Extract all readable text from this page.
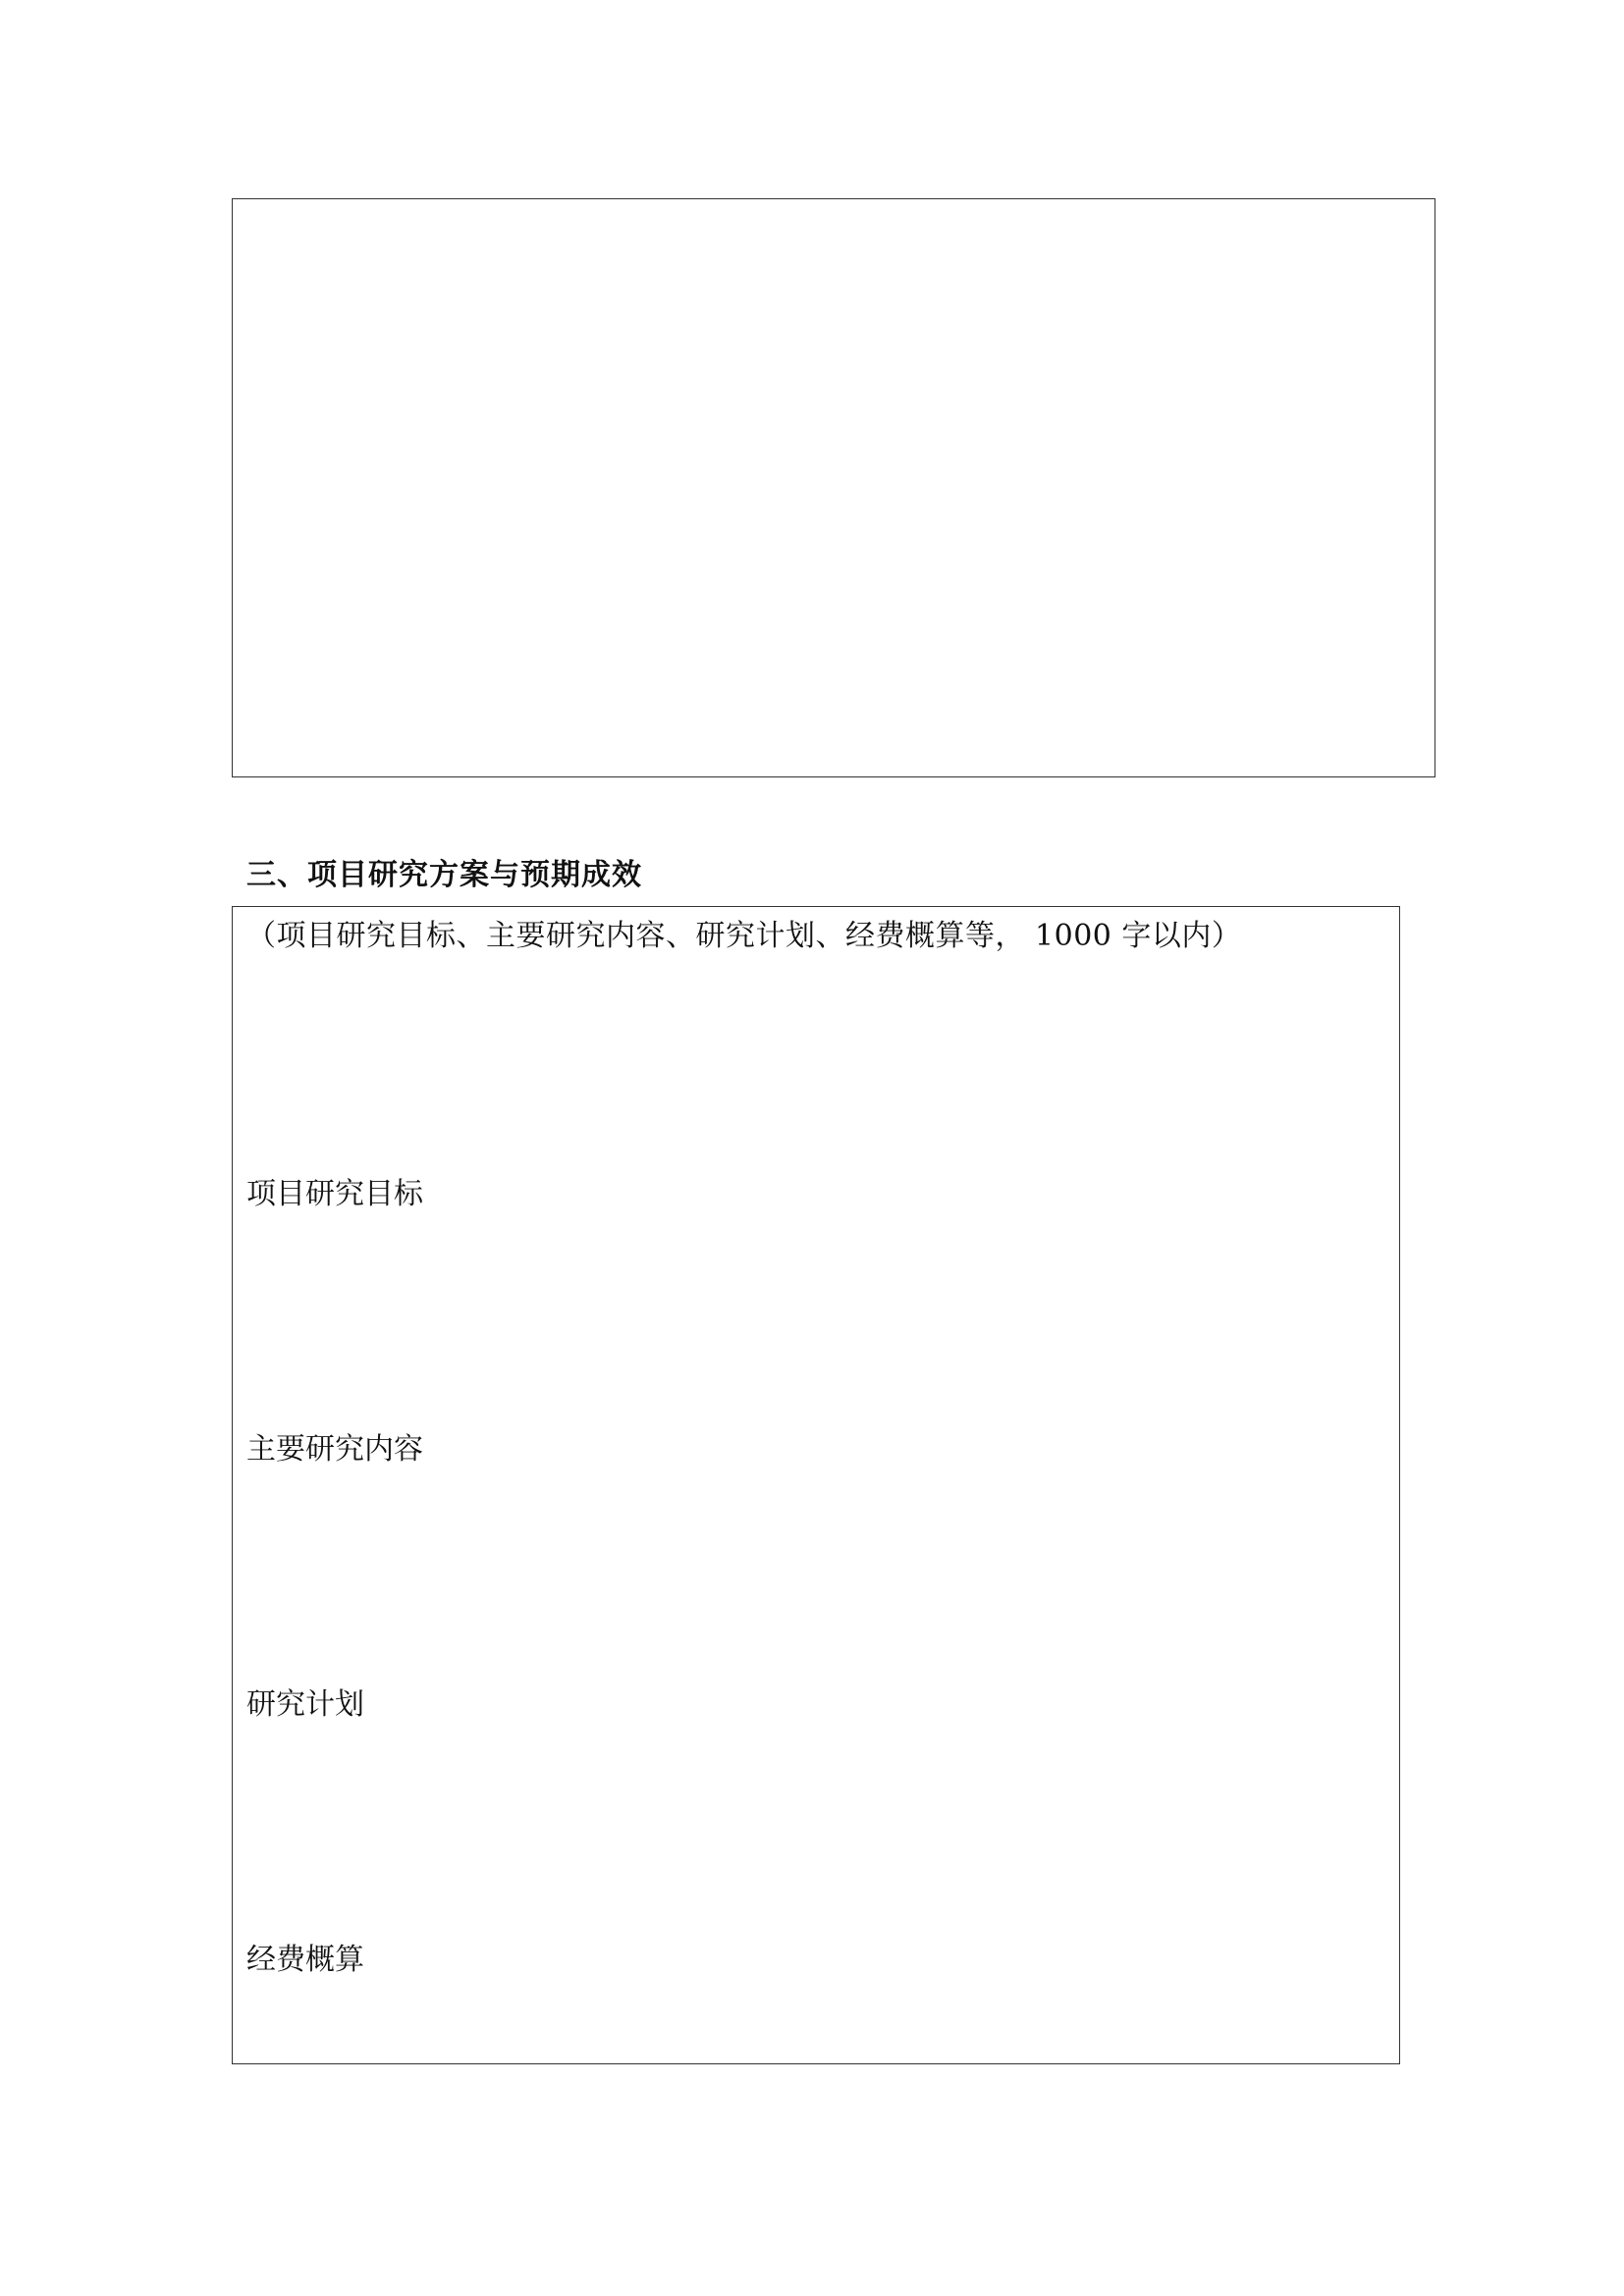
三、项目研究方案与预期成效
（项目研究目标、主要研究内容、研究计划、经费概算等， 1000 字以内）
项目研究目标
主要研究内容
研究计划
经费概算
